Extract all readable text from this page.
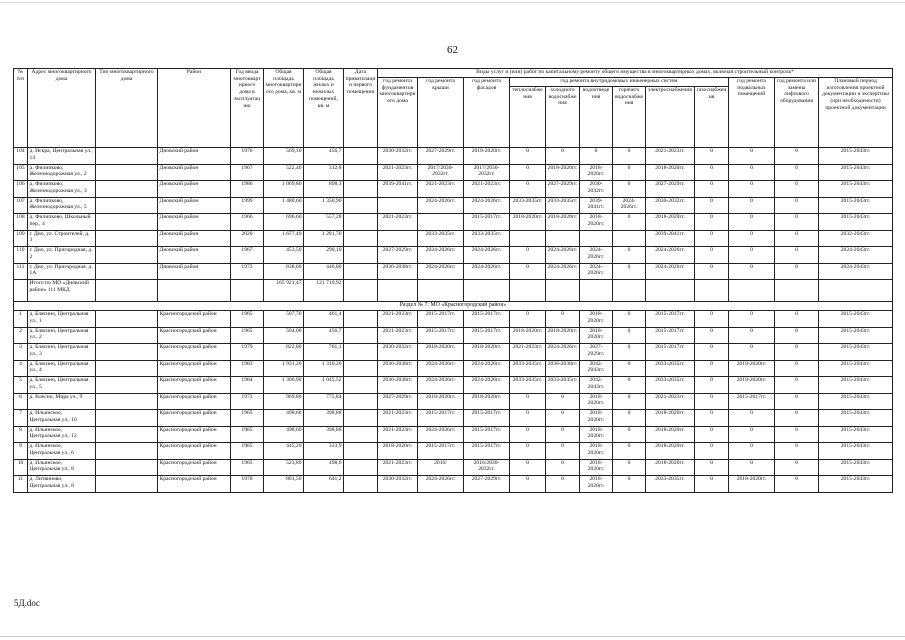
62
№ п/п	Адрес многоквартирного дома	Тип многоквартирного дома	Район	Год ввода многоквартирного дома в эксплуатацию	Общая площадь многоквартирного дома, кв. м	Общая площадь жилых и нежилых помещений, кв. м	Дата приватизации первого помещения	Виды услуг и (или) работ по капитальному ремонту общего имущества в многоквартирных домах, включая строительный контроль*											
								год ремонта фундаментов многоквартирного дома	год ремонта крыши	год ремонта фасадов	год ремонта внутридомовых инженерных систем						год ремонта подвальных помещений	год ремонта или замены лифтового оборудования	Плановый период изготовления проектной документации и экспертизы (при необходимости) проектной документации
											теплоснабжения	холодного водоснабжения	водоотведения	горячего водоснабжения	электроснабжения	газоснабжения			
104	д. Искра, Центральная ул., 14		Дновский район	1976	569,10	456,7		2030-2032гг.	2027-2029гг.	2018-2020гг.	0	0	0	0	2021-2023гг.	0	0	0	2015-2043гг.
105	д. Филипково, Железнодорожная ул., 2		Дновский район	1967	522,40	312,8		2021-2023гг.	2017/2030-2032гг.	2017/2030-2032гг.	0	2018-2020гг.	2018-2020гг.	0	2018-2020гг.	0	0	0	2015-2043гг.
106	д. Филипково, Железнодорожная ул., 3		Дновский район	1986	1 069,80	898,3		2039-2041гг.	2021-2023гг.	2021-2023гг.	0	2027-2029гг.	2030-2032гг.	0	2027-2029гг.	0	0	0	2015-2043гг.
107	д. Филипково, Железнодорожная ул., 5		Дновский район	1999	1 480,60	1 350,90			2024-2026гг.	2024-2026гг.	2033-2035гг.	2033-2035гг.	2039-2041гг.	2024-2026гг.	2030-2032гг.	0	0	0	2015-2043гг.
108	д. Филипково, Школьный пер., 4		Дновский район	1966	696,60	557,28		2021-2023гг.		2015-2017гг.	2018-2020гг.	2018-2020гг.	2018-2020гг.	0	2018-2020гг.	0	0	0	2015-2043гг.
109	г. Дно, ул. Строителей, д. 3		Дновский район	2020	1 677,40	1 281,70			2033-2035гг.	2033-2035гг.					2039-2041гг.	0	0	0	2032-2043гг.
110	г. Дно, ул. Пригородная, д. 2		Дновский район	1967	453,50	290,10		2027-2029гг.	2024-2026гг.	2024-2026гг.	0	2024-2026гг.	2024-2026гг.	0	2024-2026гг.	0	0	0	2024-2043гг.
111	г. Дно, ул. Пригородная, д. 1А		Дновский район	1973	838,60	446,80		2036-2038гг.	2024-2026гг.	2024-2026гг.	0	2024-2026гг.	2024-2026гг.	0	2024-2026гг.	0	0	0	2024-2043гг.
	Итого по МО «Дновский район» 111 МКД				165 921,47	121 710,92													
Раздел № 7: МО «Красногородский район»																			
1	д. Блясино, Центральная ул., 1		Красногородский район	1965	507,70	461,4		2021-2023гг.	2015-2017гг.	2015-2017гг.	0	0	2018-2020гг.	0	2015-2017гг.	0	0	0	2015-2043гг.
2	д. Блясино, Центральная ул., 2		Красногородский район	1965	504,00	456,7		2021-2023гг.	2015-2017гг.	2015-2017гг.	2018-2020гг.	2018-2020гг.	2018-2020гг.	0	2015-2017гг.	0	0	0	2015-2043гг.
3	д. Блясино, Центральная ул., 3		Красногородский район	1979	822,80	761,1		2030-2032гг.	2018-2020гг.	2018-2020гг.	2021-2023гг.	2024-2026гг.	2027-2029гг.	0	2015-2017гг.	0	0	0	2015-2043гг.
4	д. Блясино, Центральная ул., 4		Красногородский район	1983	1 931,20	1 310,20		2036-2038гг.	2024-2026гг.	2024-2026гг.	2033-2035гг.	2036-2038гг.	2042-2043гг.	0	2033-2035гг.	0	2018-2020гг.	0	2015-2043гг.
5	д. Блясино, Центральная ул., 5		Красногородский район	1984	1 306,90	1 045,52		2036-2038гг.	2024-2026гг.	2024-2026гг.	2033-2035гг.	2033-2035гг.	2042-2043гг.	0	2033-2035гг.	0	2018-2020гг.	0	2015-2043гг.
6	д. Влесно, Мира ул., 9		Красногородский район	1973	969,80	775,84		2027-2029гг.	2018-2020гг.	2018-2020гг.	0	0	2018-2020гг.	0	2021-2023гг.	0	2015-2017гг.	0	2015-2043гг.
7	д. Ильинское, Центральная ул., 10		Красногородский район	1965	498,60	398,88		2021-2023гг.	2015-2017гг.	2015-2017гг.	0	0	2018-2020гг.	0	2018-2020гг.	0	0	0	2015-2043гг.
8	д. Ильинское, Центральная ул., 12		Красногородский район	1965	498,60	398,88		2021-2023гг.	2024-2026гг.	2015-2017гг.	0	0	2018-2020гг.	0	2018-2020гг.	0	0	0	2015-2043гг.
9	д. Ильинское, Центральная ул., 6		Красногородский район	1965	445,20	333,9		2018-2020гг.	2015-2017гг.	2015-2017гг.	0	0	2018-2020гг.	0	2018-2020гг.	0	0	0	2015-2043гг.
10	д. Ильинское, Центральная ул., 8		Красногородский район	1965	523,80	498,6		2021-2023гг.	2016/	2016/2030-2032гг.	0	0	2018-2020гг.	0	2018-2020гг.	0	0	0	2015-2043гг.
11	д. Литвиново, Центральная ул., 8		Красногородский район	1978	801,50	641,2		2030-2032гг.	2024-2026гг.	2027-2029гг.	0	0	2018-2020гг.	0	2033-2035гг.	0	2018-2020гг.	0	2015-2043гг.
5Д.doc
